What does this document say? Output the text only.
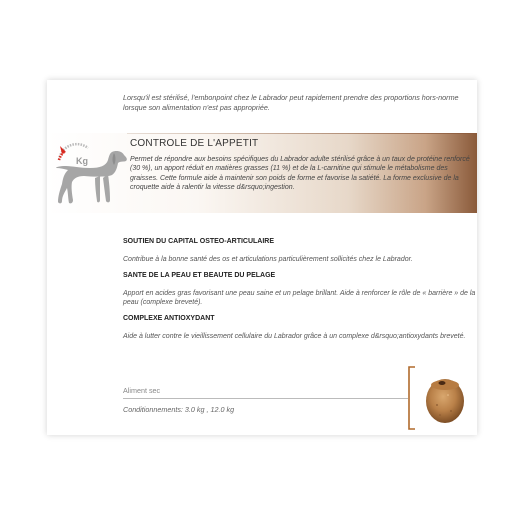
Lorsqu'il est stérilisé, l'embonpoint chez le Labrador peut rapidement prendre des proportions hors-norme lorsque son alimentation n'est pas appropriée.
Kg
CONTROLE DE L'APPETIT
Permet de répondre aux besoins spécifiques du Labrador adulte stérilisé grâce à un taux de protéine renforcé (30 %), un apport réduit en matières grasses (11 %) et de la L-carnitine qui stimule le métabolisme des graisses. Cette formule aide à maintenir son poids de forme et favorise la satiété. La forme exclusive de la croquette aide à ralentir la vitesse d&rsquo;ingestion.
SOUTIEN DU CAPITAL OSTEO-ARTICULAIRE
Contribue à la bonne santé des os et articulations particulièrement sollicités chez le Labrador.
SANTE DE LA PEAU ET BEAUTE DU PELAGE
Apport en acides gras favorisant une peau saine et un pelage brillant. Aide à renforcer le rôle de « barrière » de la peau (complexe breveté).
COMPLEXE ANTIOXYDANT
Aide à lutter contre le vieillissement cellulaire du Labrador grâce à un complexe d&rsquo;antioxydants breveté.
Aliment sec
Conditionnements: 3.0 kg , 12.0 kg
